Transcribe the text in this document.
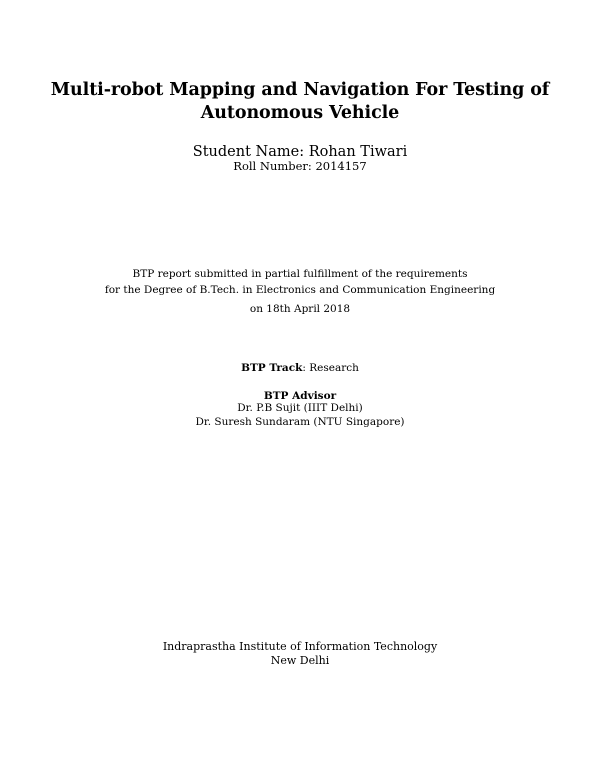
Multi-robot Mapping and Navigation For Testing of
Autonomous Vehicle
Student Name: Rohan Tiwari
Roll Number: 2014157
BTP report submitted in partial fulfillment of the requirements
for the Degree of B.Tech. in Electronics and Communication Engineering
on 18th April 2018
BTP Track: Research
BTP Advisor
Dr. P.B Sujit (IIIT Delhi)
Dr. Suresh Sundaram (NTU Singapore)
Indraprastha Institute of Information Technology
New Delhi
